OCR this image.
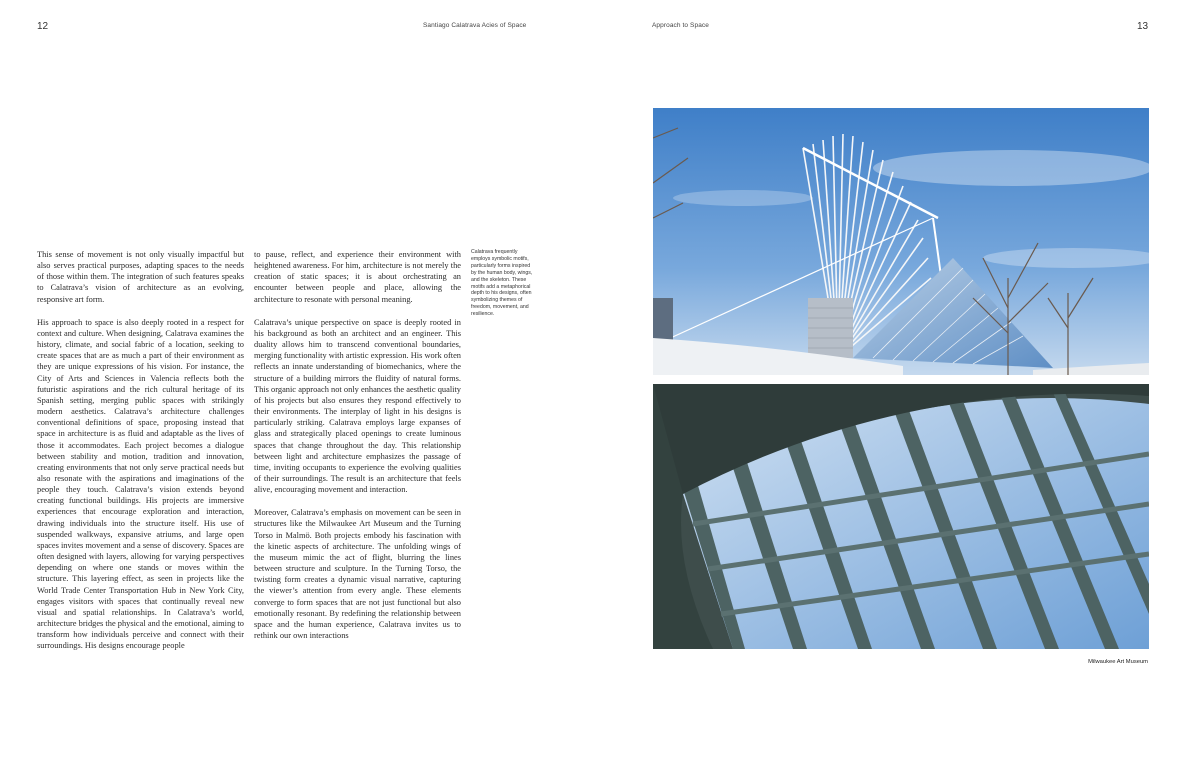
12	Santiago Calatrava Acies of Space	Approach to Space	13

This sense of movement is not only visually impactful but also serves practical purposes, adapting spaces to the needs of those within them. The integration of such features speaks to Calatrava’s vision of architecture as an evolving, responsive art form.

His approach to space is also deeply rooted in a respect for context and culture. When designing, Calatrava examines the history, climate, and social fabric of a location, seeking to create spaces that are as much a part of their environment as they are unique expressions of his vision. For instance, the City of Arts and Sciences in Valencia reflects both the futuristic aspirations and the rich cultural heritage of its Spanish setting, merging public spaces with strikingly modern aesthetics. Calatrava’s architecture challenges conventional definitions of space, proposing instead that space in architecture is as fluid and adaptable as the lives of those it accommodates. Each project becomes a dialogue between stability and motion, tradition and innovation, creating environments that not only serve practical needs but also resonate with the aspirations and imaginations of the people they touch. Calatrava’s vision extends beyond creating functional buildings. His projects are immersive experiences that encourage exploration and interaction, drawing individuals into the structure itself. His use of suspended walkways, expansive atriums, and large open spaces invites movement and a sense of discovery. Spaces are often designed with layers, allowing for varying perspectives depending on where one stands or moves within the structure. This layering effect, as seen in projects like the World Trade Center Transportation Hub in New York City, engages visitors with spaces that continually reveal new visual and spatial relationships. In Calatrava’s world, architecture bridges the physical and the emotional, aiming to transform how individuals perceive and connect with their surroundings. His designs encourage people

to pause, reflect, and experience their environment with heightened awareness. For him, architecture is not merely the creation of static spaces; it is about orchestrating an encounter between people and place, allowing the architecture to resonate with personal meaning.

Calatrava’s unique perspective on space is deeply rooted in his background as both an architect and an engineer. This duality allows him to transcend conventional boundaries, merging functionality with artistic expression. His work often reflects an innate understanding of biomechanics, where the structure of a building mirrors the fluidity of natural forms. This organic approach not only enhances the aesthetic quality of his projects but also ensures they respond effectively to their environments. The interplay of light in his designs is particularly striking. Calatrava employs large expanses of glass and strategically placed openings to create luminous spaces that change throughout the day. This relationship between light and architecture emphasizes the passage of time, inviting occupants to experience the evolving qualities of their surroundings. The result is an architecture that feels alive, encouraging movement and interaction.

Moreover, Calatrava’s emphasis on movement can be seen in structures like the Milwaukee Art Museum and the Turning Torso in Malmö. Both projects embody his fascination with the kinetic aspects of architecture. The unfolding wings of the museum mimic the act of flight, blurring the lines between structure and sculpture. In the Turning Torso, the twisting form creates a dynamic visual narrative, capturing the viewer’s attention from every angle. These elements converge to form spaces that are not just functional but also emotionally resonant. By redefining the relationship between space and the human experience, Calatrava invites us to rethink our own interactions

Calatrava frequently employs symbolic motifs, particularly forms inspired by the human body, wings, and the skeleton. These motifs add a metaphorical depth to his designs, often symbolizing themes of freedom, movement, and resilience.
Milwaukee Art Museum
